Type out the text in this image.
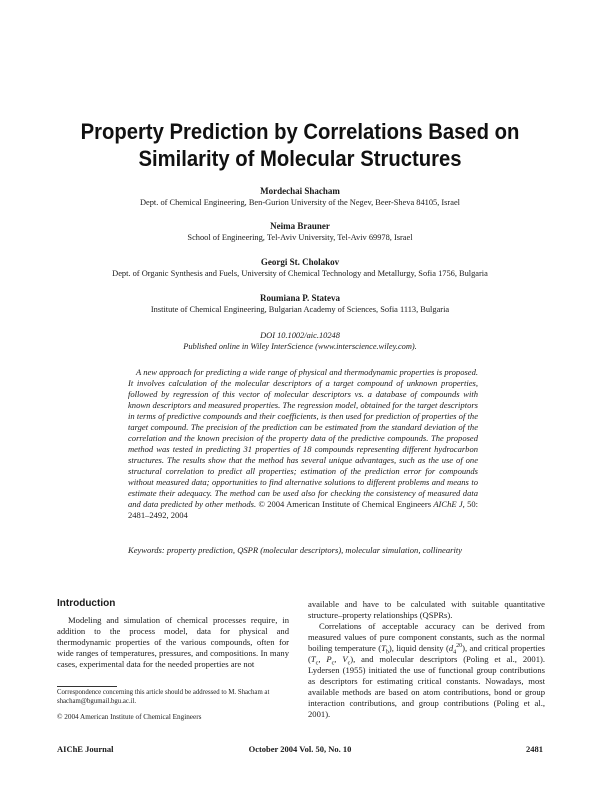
Property Prediction by Correlations Based on
Similarity of Molecular Structures
Mordechai Shacham
Dept. of Chemical Engineering, Ben-Gurion University of the Negev, Beer-Sheva 84105, Israel
Neima Brauner
School of Engineering, Tel-Aviv University, Tel-Aviv 69978, Israel
Georgi St. Cholakov
Dept. of Organic Synthesis and Fuels, University of Chemical Technology and Metallurgy, Sofia 1756, Bulgaria
Roumiana P. Stateva
Institute of Chemical Engineering, Bulgarian Academy of Sciences, Sofia 1113, Bulgaria
DOI 10.1002/aic.10248
Published online in Wiley InterScience (www.interscience.wiley.com).
A new approach for predicting a wide range of physical and thermodynamic properties is proposed. It involves calculation of the molecular descriptors of a target compound of unknown properties, followed by regression of this vector of molecular descriptors vs. a database of compounds with known descriptors and measured properties. The regression model, obtained for the target descriptors in terms of predictive compounds and their coefficients, is then used for prediction of properties of the target compound. The precision of the prediction can be estimated from the standard deviation of the correlation and the known precision of the property data of the predictive compounds. The proposed method was tested in predicting 31 properties of 18 compounds representing different hydrocarbon structures. The results show that the method has several unique advantages, such as the use of one structural correlation to predict all properties; estimation of the prediction error for compounds without measured data; opportunities to find alternative solutions to different problems and means to estimate their adequacy. The method can be used also for checking the consistency of measured data and data predicted by other methods. © 2004 American Institute of Chemical Engineers AIChE J, 50: 2481–2492, 2004
Keywords: property prediction, QSPR (molecular descriptors), molecular simulation, collinearity
Introduction

Modeling and simulation of chemical processes require, in addition to the process model, data for physical and thermodynamic properties of the various compounds, often for wide ranges of temperatures, pressures, and compositions. In many cases, experimental data for the needed properties are not

available and have to be calculated with suitable quantitative structure–property relationships (QSPRs).

Correlations of acceptable accuracy can be derived from measured values of pure component constants, such as the normal boiling temperature $(T_b)$, liquid density $(d_4^{20})$, and critical properties ($T_c$, $P_c$, $V_c$), and molecular descriptors (Poling et al., 2001). Lydersen (1955) initiated the use of functional group contributions as descriptors for estimating critical constants. Nowadays, most available methods are based on atom contributions, bond or group interaction contributions, and group contributions (Poling et al., 2001).

Correspondence concerning this article should be addressed to M. Shacham at shacham@bgumail.bgu.ac.il.
© 2004 American Institute of Chemical Engineers
AIChE Journal	October 2004 Vol. 50, No. 10	2481
